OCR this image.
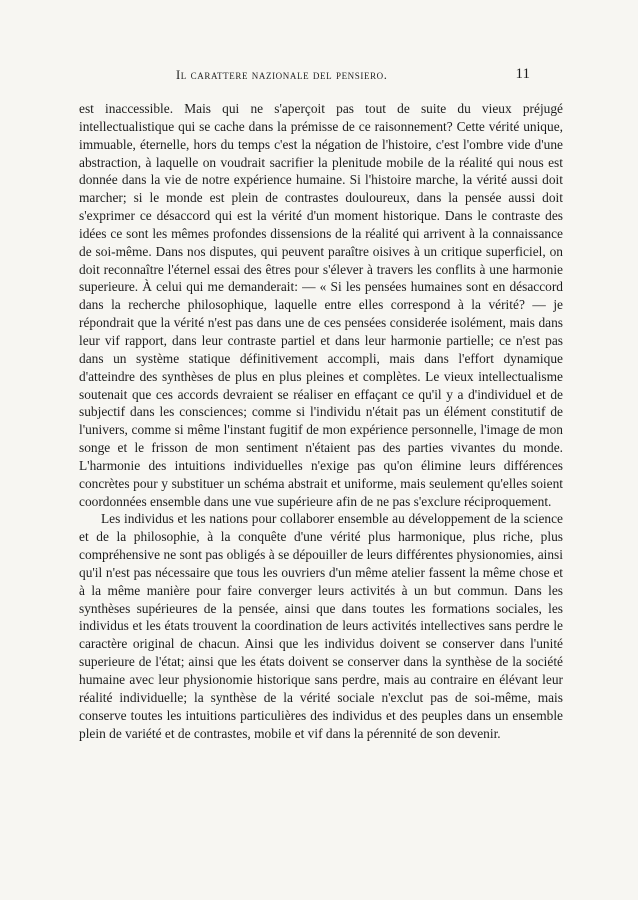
Il carattere nazionale del pensiero.	11

est inaccessible. Mais qui ne s'aperçoit pas tout de suite du vieux préjugé intellectualistique qui se cache dans la prémisse de ce raisonnement? Cette vérité unique, immuable, éternelle, hors du temps c'est la négation de l'histoire, c'est l'ombre vide d'une abstraction, à laquelle on voudrait sacrifier la plenitude mobile de la réalité qui nous est donnée dans la vie de notre expérience humaine. Si l'histoire marche, la vérité aussi doit marcher; si le monde est plein de contrastes douloureux, dans la pensée aussi doit s'exprimer ce désaccord qui est la vérité d'un moment historique. Dans le contraste des idées ce sont les mêmes profondes dissensions de la réalité qui arrivent à la connaissance de soi-même. Dans nos disputes, qui peuvent paraître oisives à un critique superficiel, on doit reconnaître l'éternel essai des êtres pour s'élever à travers les conflits à une harmonie superieure. À celui qui me demanderait: — « Si les pensées humaines sont en désaccord dans la recherche philosophique, laquelle entre elles correspond à la vérité? — je répondrait que la vérité n'est pas dans une de ces pensées considerée isolément, mais dans leur vif rapport, dans leur contraste partiel et dans leur harmonie partielle; ce n'est pas dans un système statique définitivement accompli, mais dans l'effort dynamique d'atteindre des synthèses de plus en plus pleines et complètes. Le vieux intellectualisme soutenait que ces accords devraient se réaliser en effaçant ce qu'il y a d'individuel et de subjectif dans les consciences; comme si l'individu n'était pas un élément constitutif de l'univers, comme si même l'instant fugitif de mon expérience personnelle, l'image de mon songe et le frisson de mon sentiment n'étaient pas des parties vivantes du monde. L'harmonie des intuitions individuelles n'exige pas qu'on élimine leurs différences concrètes pour y substituer un schéma abstrait et uniforme, mais seulement qu'elles soient coordonnées ensemble dans une vue supérieure afin de ne pas s'exclure réciproquement.

Les individus et les nations pour collaborer ensemble au développement de la science et de la philosophie, à la conquête d'une vérité plus harmonique, plus riche, plus compréhensive ne sont pas obligés à se dépouiller de leurs différentes physionomies, ainsi qu'il n'est pas nécessaire que tous les ouvriers d'un même atelier fassent la même chose et à la même manière pour faire converger leurs activités à un but commun. Dans les synthèses supérieures de la pensée, ainsi que dans toutes les formations sociales, les individus et les états trouvent la coordination de leurs activités intellectives sans perdre le caractère original de chacun. Ainsi que les individus doivent se conserver dans l'unité superieure de l'état; ainsi que les états doivent se conserver dans la synthèse de la société humaine avec leur physionomie historique sans perdre, mais au contraire en élévant leur réalité individuelle; la synthèse de la vérité sociale n'exclut pas de soi-même, mais conserve toutes les intuitions particulières des individus et des peuples dans un ensemble plein de variété et de contrastes, mobile et vif dans la pérennité de son devenir.
